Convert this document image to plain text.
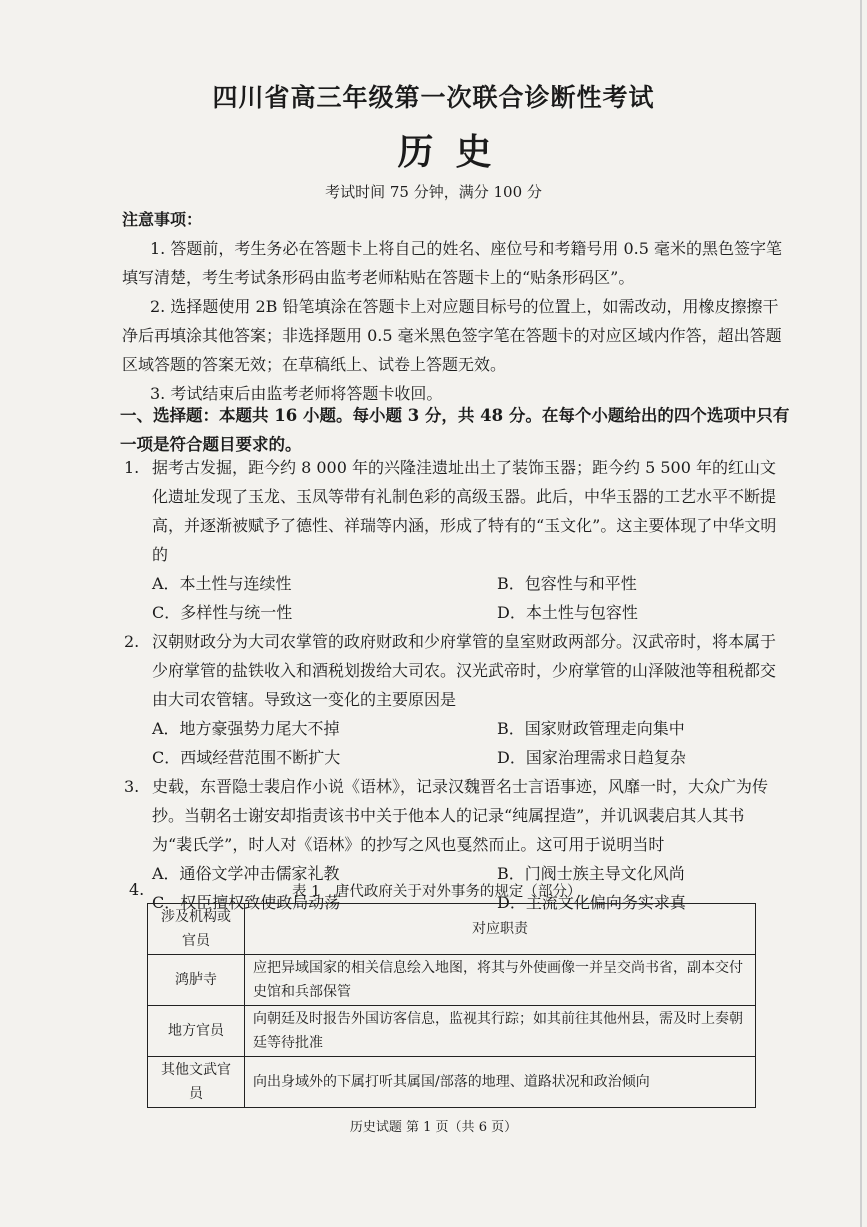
四川省高三年级第一次联合诊断性考试
历史
考试时间 75 分钟，满分 100 分
注意事项：
1. 答题前，考生务必在答题卡上将自己的姓名、座位号和考籍号用 0.5 毫米的黑色签字笔填写清楚，考生考试条形码由监考老师粘贴在答题卡上的“贴条形码区”。
2. 选择题使用 2B 铅笔填涂在答题卡上对应题目标号的位置上，如需改动，用橡皮擦擦干净后再填涂其他答案；非选择题用 0.5 毫米黑色签字笔在答题卡的对应区域内作答，超出答题区域答题的答案无效；在草稿纸上、试卷上答题无效。
3. 考试结束后由监考老师将答题卡收回。
一、选择题：本题共 16 小题。每小题 3 分，共 48 分。在每个小题给出的四个选项中只有一项是符合题目要求的。
1. 据考古发掘，距今约 8 000 年的兴隆洼遗址出土了装饰玉器；距今约 5 500 年的红山文化遗址发现了玉龙、玉凤等带有礼制色彩的高级玉器。此后，中华玉器的工艺水平不断提高，并逐渐被赋予了德性、祥瑞等内涵，形成了特有的“玉文化”。这主要体现了中华文明的
A．本土性与连续性	B．包容性与和平性
C．多样性与统一性	D．本土性与包容性
2. 汉朝财政分为大司农掌管的政府财政和少府掌管的皇室财政两部分。汉武帝时，将本属于少府掌管的盐铁收入和酒税划拨给大司农。汉光武帝时，少府掌管的山泽陂池等租税都交由大司农管辖。导致这一变化的主要原因是
A．地方豪强势力尾大不掉	B．国家财政管理走向集中
C．西域经营范围不断扩大	D．国家治理需求日趋复杂
3. 史载，东晋隐士裴启作小说《语林》，记录汉魏晋名士言语事迹，风靡一时，大众广为传抄。当朝名士谢安却指责该书中关于他本人的记录“纯属捏造”，并讥讽裴启其人其书为“裴氏学”，时人对《语林》的抄写之风也戛然而止。这可用于说明当时
A．通俗文学冲击儒家礼教	B．门阀士族主导文化风尚
C．权臣擅权致使政局动荡	D．主流文化偏向务实求真
4.	表 1　唐代政府关于对外事务的规定（部分）
涉及机构或官员	对应职责
鸿胪寺	应把异域国家的相关信息绘入地图，将其与外使画像一并呈交尚书省，副本交付史馆和兵部保管
地方官员	向朝廷及时报告外国访客信息，监视其行踪；如其前往其他州县，需及时上奏朝廷等待批准
其他文武官员	向出身域外的下属打听其属国/部落的地理、道路状况和政治倾向
历史试题 第 1 页（共 6 页）
